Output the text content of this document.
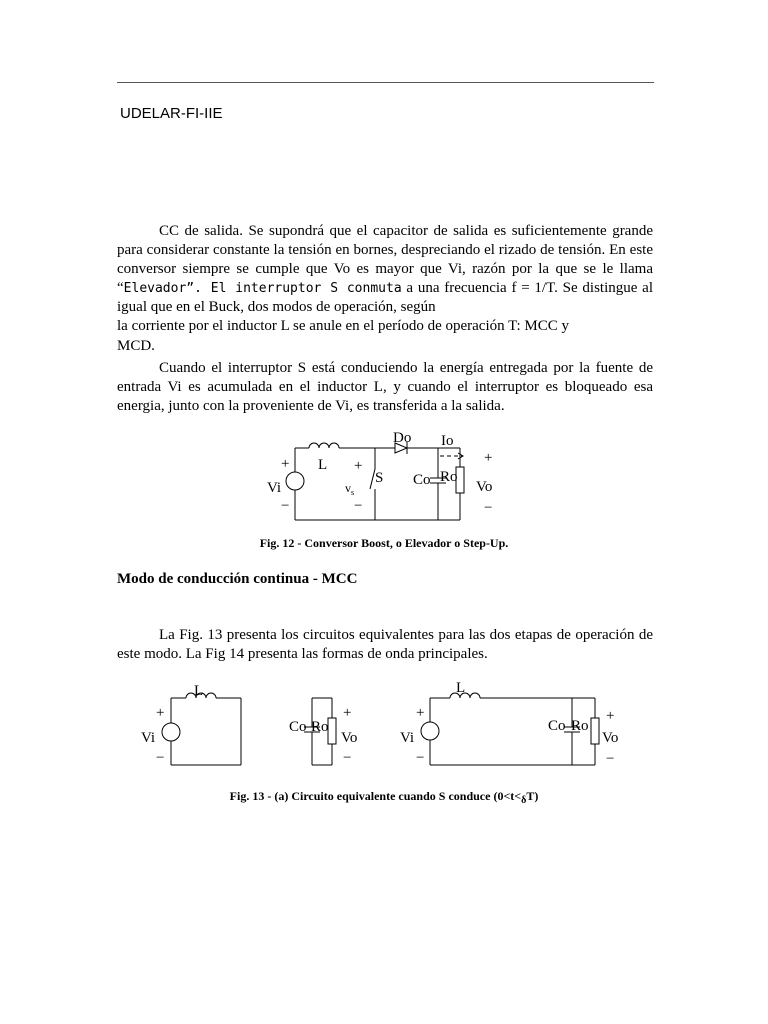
UDELAR-FI-IIE
CC de salida. Se supondrá que el capacitor de salida es suficientemente grande para considerar constante la tensión en bornes, despreciando el rizado de tensión. En este conversor siempre se cumple que Vo es mayor que Vi, razón por la que se le llama “Elevador”. El interruptor S conmuta a una frecuencia f = 1/T. Se distingue al igual que en el Buck, dos modos de operación, según
la corriente por el inductor L se anule en el período de operación T: MCC y
MCD.
Cuando el interruptor S está conduciendo la energía entregada por la fuente de entrada Vi es acumulada en el inductor L, y cuando el interruptor es bloqueado esa energia, junto con la proveniente de Vi, es transferida a la salida.
+
Vi
−
L
Do Io
+
S
v s
−
Co Ro
+
Vo
−
Fig. 12 - Conversor Boost, o Elevador o Step-Up.
Modo de conducción continua - MCC
La Fig. 13 presenta los circuitos equivalentes para las dos etapas de operación de este modo. La Fig 14 presenta las formas de onda principales.
+
Vi
−
L
Co Ro
+
Vo
−
+
Vi
−
L
Co Ro
+
Vo
−
Fig. 13 - (a) Circuito equivalente cuando S conduce $(0<t<_\delta T)$
